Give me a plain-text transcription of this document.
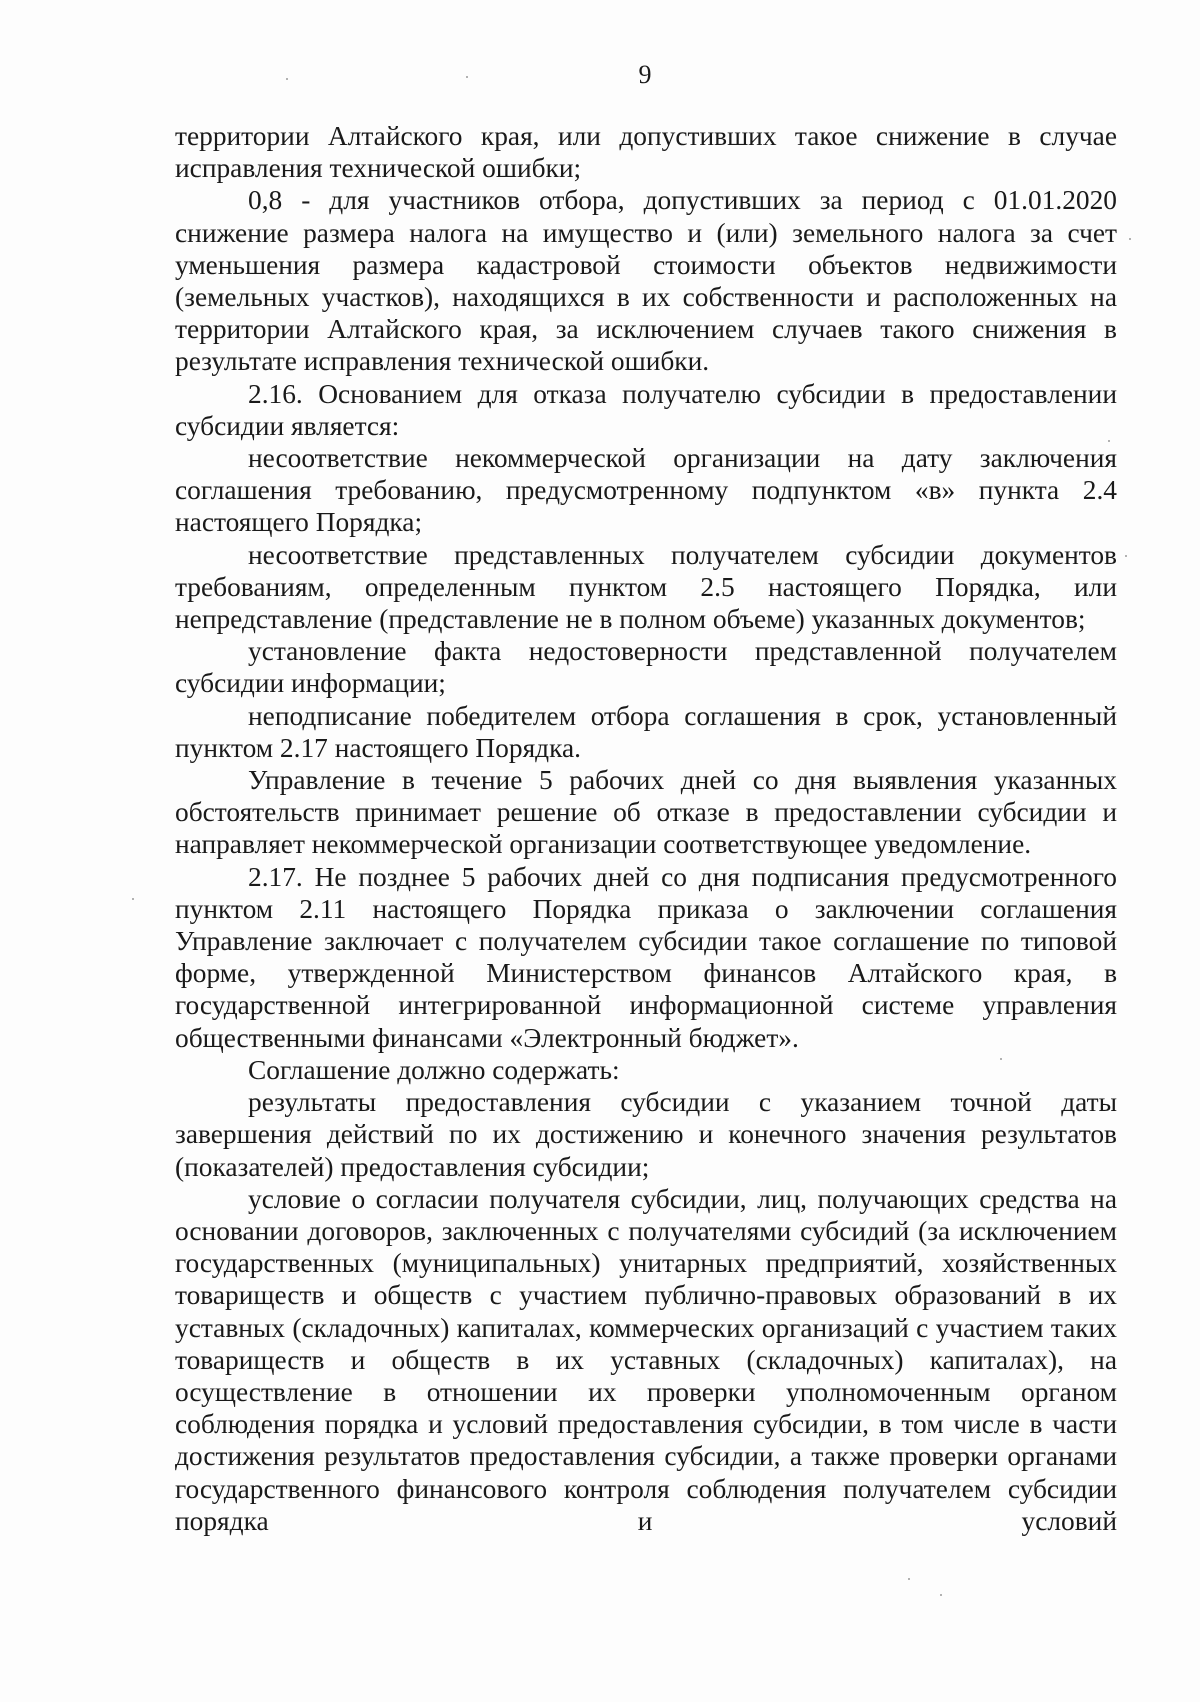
9

территории Алтайского края, или допустивших такое снижение в случае исправления технической ошибки;

0,8 - для участников отбора, допустивших за период с 01.01.2020 снижение размера налога на имущество и (или) земельного налога за счет уменьшения размера кадастровой стоимости объектов недвижимости (земельных участков), находящихся в их собственности и расположенных на территории Алтайского края, за исключением случаев такого снижения в результате исправления технической ошибки.

2.16. Основанием для отказа получателю субсидии в предоставлении субсидии является:

несоответствие некоммерческой организации на дату заключения соглашения требованию, предусмотренному подпунктом «в» пункта 2.4 настоящего Порядка;

несоответствие представленных получателем субсидии документов требованиям, определенным пунктом 2.5 настоящего Порядка, или непредставление (представление не в полном объеме) указанных документов;

установление факта недостоверности представленной получателем субсидии информации;

неподписание победителем отбора соглашения в срок, установленный пунктом 2.17 настоящего Порядка.

Управление в течение 5 рабочих дней со дня выявления указанных обстоятельств принимает решение об отказе в предоставлении субсидии и направляет некоммерческой организации соответствующее уведомление.

2.17. Не позднее 5 рабочих дней со дня подписания предусмотренного пунктом 2.11 настоящего Порядка приказа о заключении соглашения Управление заключает с получателем субсидии такое соглашение по типовой форме, утвержденной Министерством финансов Алтайского края, в государственной интегрированной информационной системе управления общественными финансами «Электронный бюджет».

Соглашение должно содержать:

результаты предоставления субсидии с указанием точной даты завершения действий по их достижению и конечного значения результатов (показателей) предоставления субсидии;

условие о согласии получателя субсидии, лиц, получающих средства на основании договоров, заключенных с получателями субсидий (за исключением государственных (муниципальных) унитарных предприятий, хозяйственных товариществ и обществ с участием публично-правовых образований в их уставных (складочных) капиталах, коммерческих организаций с участием таких товариществ и обществ в их уставных (складочных) капиталах), на осуществление в отношении их проверки уполномоченным органом соблюдения порядка и условий предоставления субсидии, в том числе в части достижения результатов предоставления субсидии, а также проверки органами государственного финансового контроля соблюдения получателем субсидии порядка и условий
